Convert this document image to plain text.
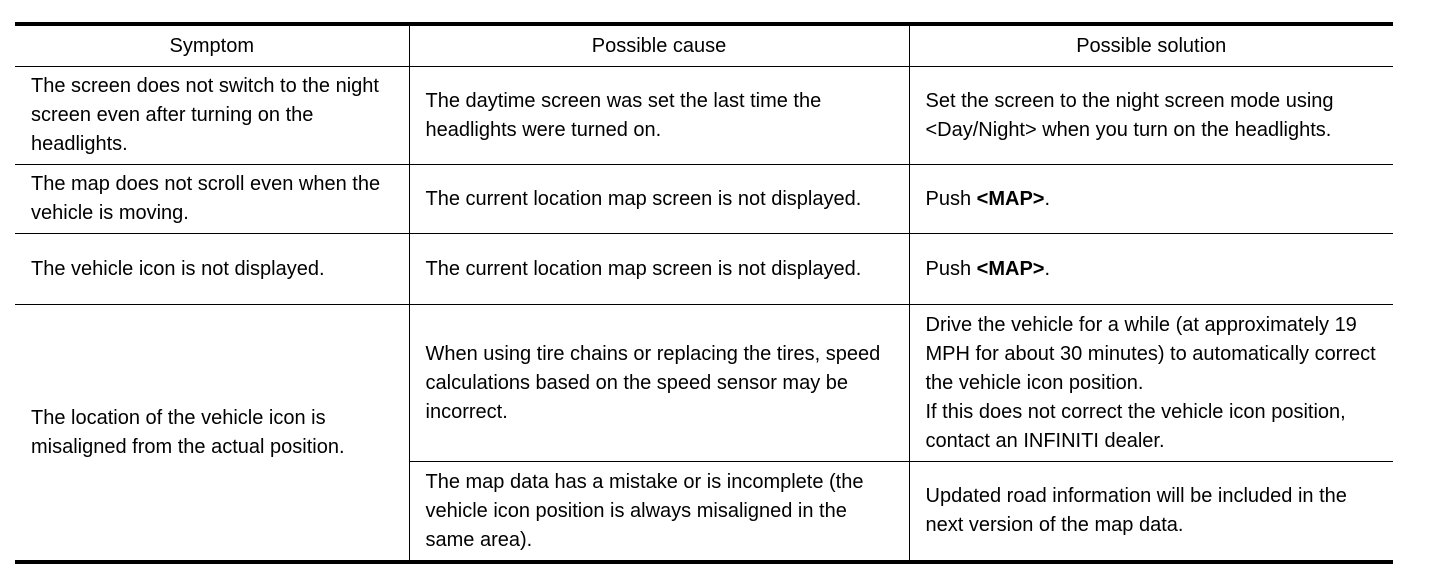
Symptom	Possible cause	Possible solution
The screen does not switch to the night screen even after turning on the headlights.	The daytime screen was set the last time the headlights were turned on.	Set the screen to the night screen mode using <Day/Night> when you turn on the headlights.
The map does not scroll even when the vehicle is moving.	The current location map screen is not displayed.	Push <MAP>.
The vehicle icon is not displayed.	The current location map screen is not displayed.	Push <MAP>.
The location of the vehicle icon is misaligned from the actual position.	When using tire chains or replacing the tires, speed calculations based on the speed sensor may be incorrect.	Drive the vehicle for a while (at approximately 19 MPH for about 30 minutes) to automatically correct the vehicle icon position.
If this does not correct the vehicle icon position, contact an INFINITI dealer.

	The map data has a mistake or is incomplete (the vehicle icon position is always misaligned in the same area).	Updated road information will be included in the next version of the map data.
